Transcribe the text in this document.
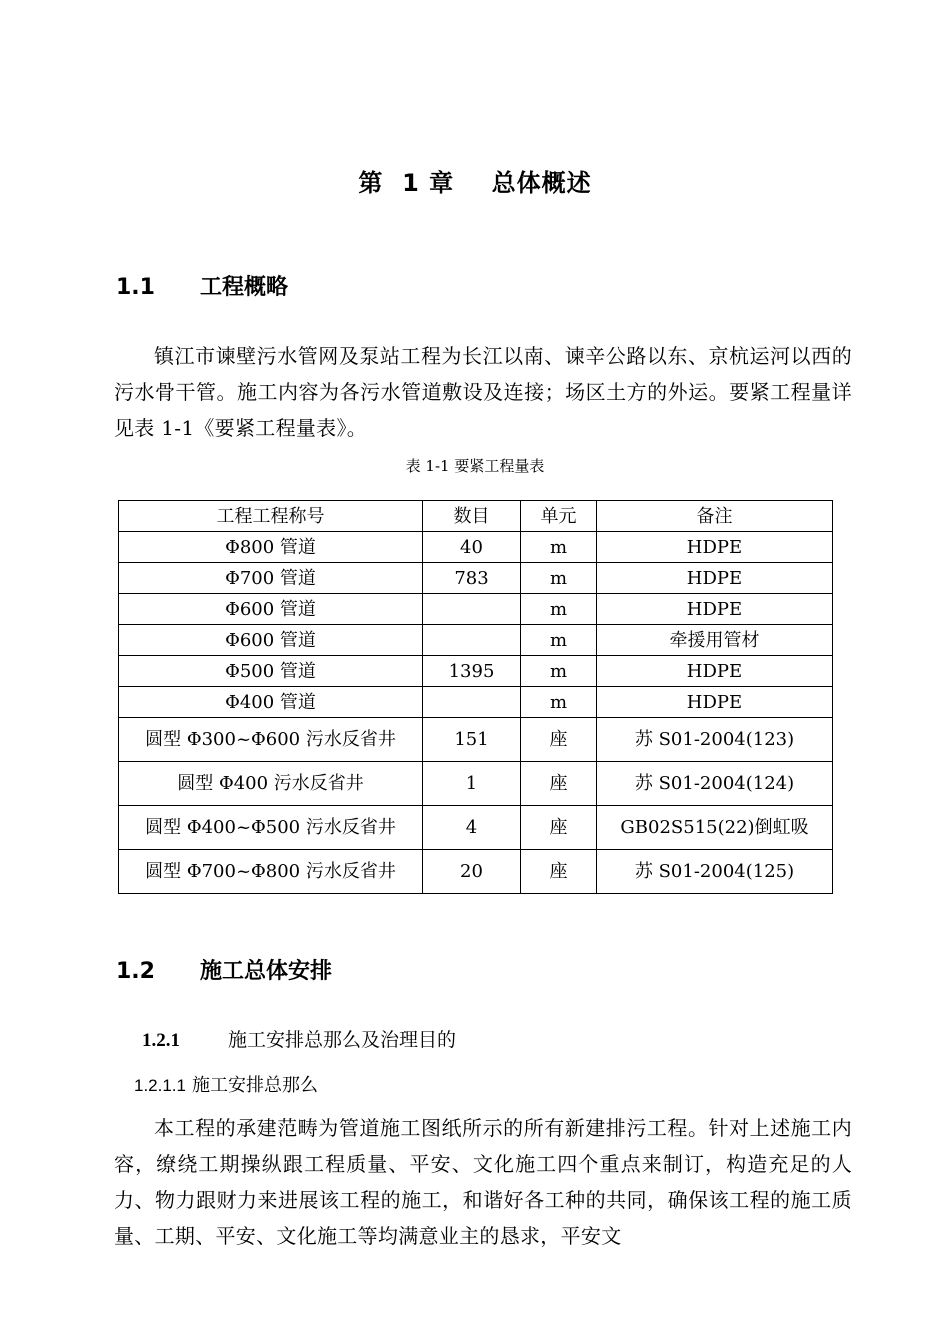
第  1 章    总体概述
1.1 工程概略
镇江市谏壁污水管网及泵站工程为长江以南、谏辛公路以东、京杭运河以西的污水骨干管。施工内容为各污水管道敷设及连接；场区土方的外运。要紧工程量详见表 1-1《要紧工程量表》。
表 1-1 要紧工程量表
工程工程称号	数目	单元	备注
Φ800 管道	40	m	HDPE
Φ700 管道	783	m	HDPE
Φ600 管道		m	HDPE
Φ600 管道		m	牵援用管材
Φ500 管道	1395	m	HDPE
Φ400 管道		m	HDPE
圆型 Φ300~Φ600 污水反省井	151	座	苏 S01-2004(123)
圆型 Φ400 污水反省井	1	座	苏 S01-2004(124)
圆型 Φ400~Φ500 污水反省井	4	座	GB02S515(22)倒虹吸
圆型 Φ700~Φ800 污水反省井	20	座	苏 S01-2004(125)
1.2 施工总体安排
1.2.1	施工安排总那么及治理目的
1.2.1.1 施工安排总那么
本工程的承建范畴为管道施工图纸所示的所有新建排污工程。针对上述施工内容，缭绕工期操纵跟工程质量、平安、文化施工四个重点来制订，构造充足的人力、物力跟财力来进展该工程的施工，和谐好各工种的共同，确保该工程的施工质量、工期、平安、文化施工等均满意业主的恳求，平安文
